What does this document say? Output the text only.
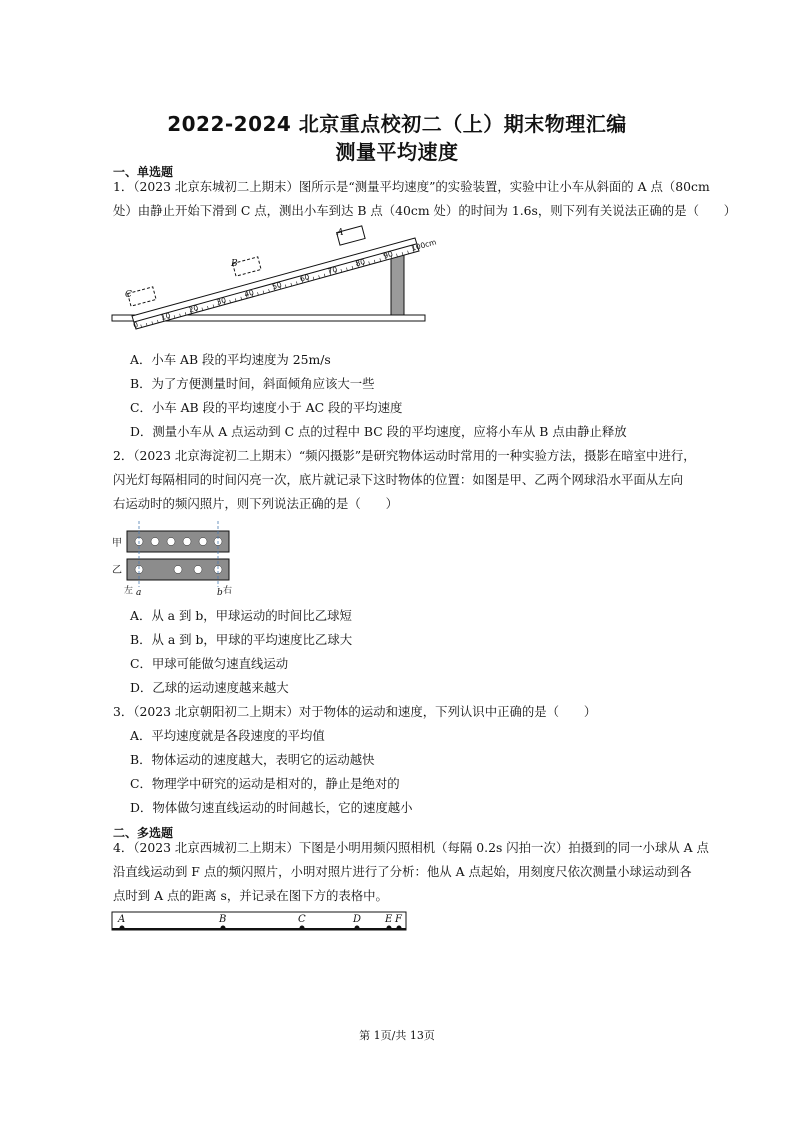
2022-2024 北京重点校初二（上）期末物理汇编
测量平均速度
一、单选题
1．（2023 北京东城初二上期末）图所示是“测量平均速度”的实验装置，实验中让小车从斜面的 A 点（80cm
处）由静止开始下滑到 C 点，测出小车到达 B 点（40cm 处）的时间为 1.6s，则下列有关说法正确的是（　　）
0
10
20
30
40
50
60
70
80
90
100cm
A
B
C
A．小车 AB 段的平均速度为 25m/s
B．为了方便测量时间，斜面倾角应该大一些
C．小车 AB 段的平均速度小于 AC 段的平均速度
D．测量小车从 A 点运动到 C 点的过程中 BC 段的平均速度，应将小车从 B 点由静止释放
2．（2023 北京海淀初二上期末）“频闪摄影”是研究物体运动时常用的一种实验方法，摄影在暗室中进行，
闪光灯每隔相同的时间闪亮一次，底片就记录下这时物体的位置：如图是甲、乙两个网球沿水平面从左向
右运动时的频闪照片，则下列说法正确的是（　　）
甲
乙
左	右
a	b
A．从 a 到 b，甲球运动的时间比乙球短
B．从 a 到 b，甲球的平均速度比乙球大
C．甲球可能做匀速直线运动
D．乙球的运动速度越来越大
3．（2023 北京朝阳初二上期末）对于物体的运动和速度，下列认识中正确的是（　　）
A．平均速度就是各段速度的平均值
B．物体运动的速度越大，表明它的运动越快
C．物理学中研究的运动是相对的，静止是绝对的
D．物体做匀速直线运动的时间越长，它的速度越小
二、多选题
4．（2023 北京西城初二上期末）下图是小明用频闪照相机（每隔 0.2s 闪拍一次）拍摄到的同一小球从 A 点
沿直线运动到 F 点的频闪照片，小明对照片进行了分析：他从 A 点起始，用刻度尺依次测量小球运动到各
点时到 A 点的距离 s，并记录在图下方的表格中。
A	B	C	D E F
第 1页/共 13页
